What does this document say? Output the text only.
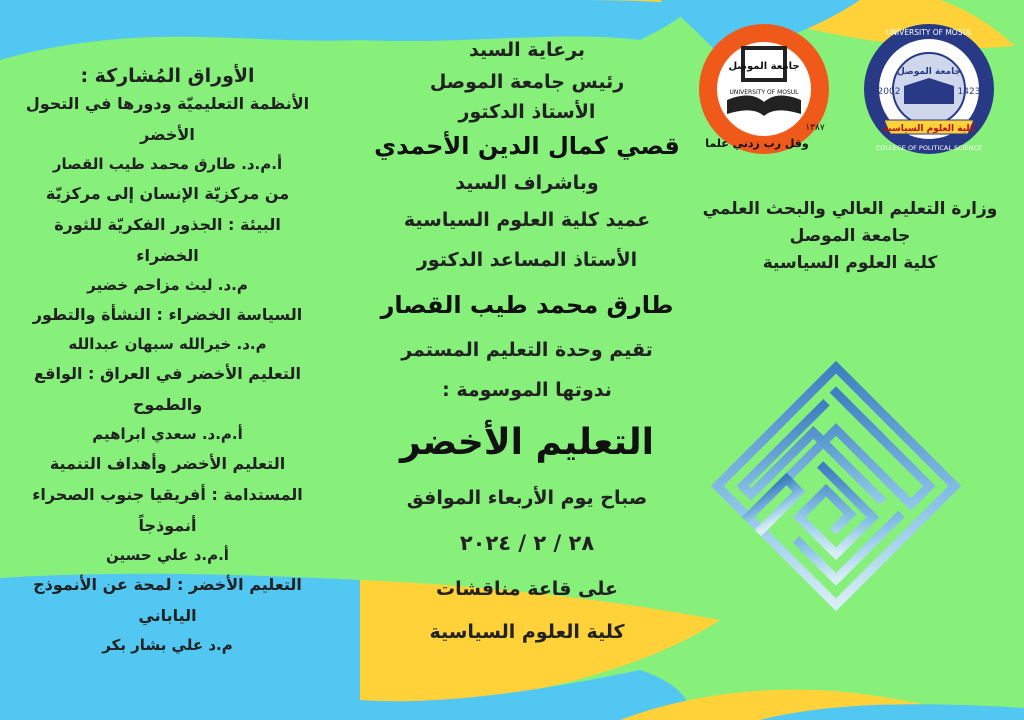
جامعة الموصل
UNIVERSITY OF MOSUL
وقل رب زدني علما
١٣٨٧
UNIVERSITY OF MOSUL
COLLEGE OF POLITICAL SCIENCE
جامعة الموصل
2002	1423
كلية العلوم السياسية
وزارة التعليم العالي والبحث العلمي
جامعة الموصل
كلية العلوم السياسية
برعاية السيد
رئيس جامعة الموصل
الأستاذ الدكتور
قصي كمال الدين الأحمدي
وباشراف السيد
عميد كلية العلوم السياسية
الأستاذ المساعد الدكتور
طارق محمد طيب القصار
تقيم وحدة التعليم المستمر
ندوتها الموسومة :
التعليم الأخضر
صباح يوم الأربعاء الموافق
٢٨ / ٢ / ٢٠٢٤
على قاعة مناقشات
كلية العلوم السياسية
الأوراق المُشاركة :
الأنظمة التعليميّة ودورها في التحول
الأخضر
أ.م.د. طارق محمد طيب القصار
من مركزيّة الإنسان إلى مركزيّة
البيئة : الجذور الفكريّة للثورة
الخضراء
م.د. ليث مزاحم خضير
السياسة الخضراء : النشأة والتطور
م.د. خيرالله سبهان عبدالله
التعليم الأخضر في العراق : الواقع
والطموح
أ.م.د. سعدي ابراهيم
التعليم الأخضر وأهداف التنمية
المستدامة : أفريقيا جنوب الصحراء
أنموذجاً
أ.م.د علي حسين
التعليم الأخضر : لمحة عن الأنموذج
الياباني
م.د علي بشار بكر
